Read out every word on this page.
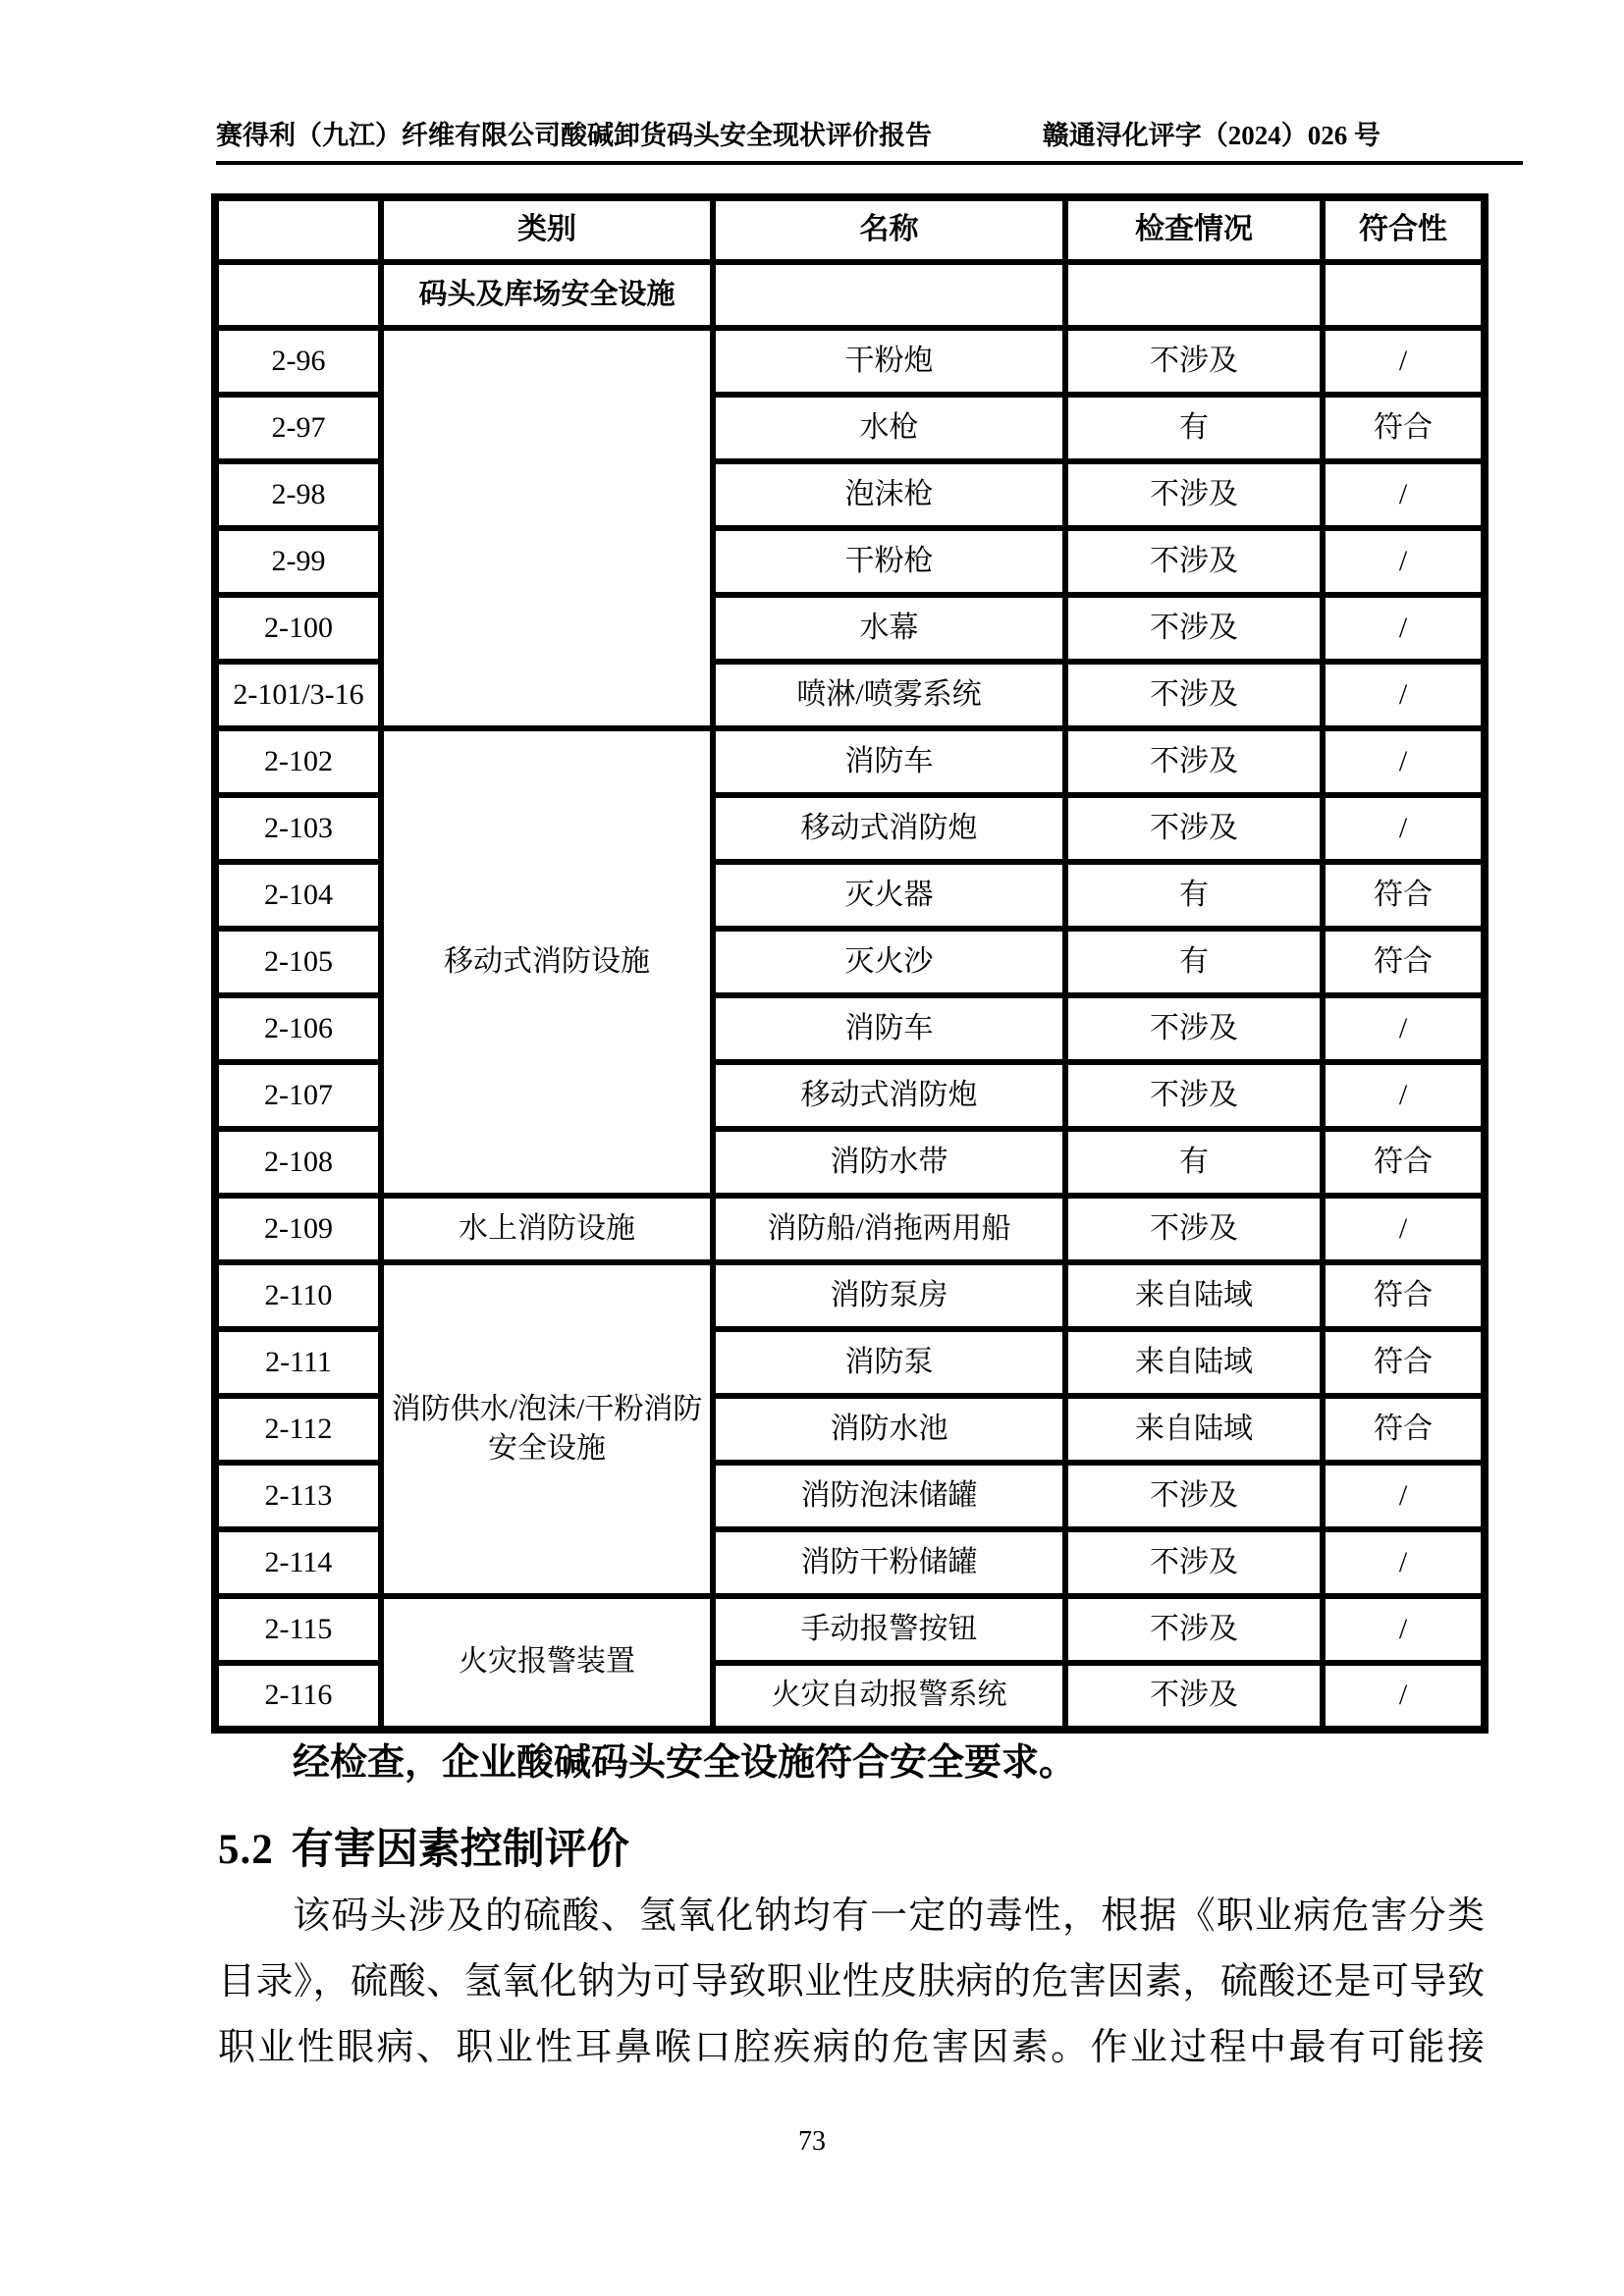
赛得利（九江）纤维有限公司酸碱卸货码头安全现状评价报告	赣通浔化评字（2024）026 号
	类别	名称	检查情况	符合性
	码头及库场安全设施			
2-96		干粉炮	不涉及	/
2-97		水枪	有	符合
2-98		泡沫枪	不涉及	/
2-99		干粉枪	不涉及	/
2-100		水幕	不涉及	/
2-101/3-16		喷淋/喷雾系统	不涉及	/
2-102	移动式消防设施	消防车	不涉及	/
2-103		移动式消防炮	不涉及	/
2-104		灭火器	有	符合
2-105		灭火沙	有	符合
2-106		消防车	不涉及	/
2-107		移动式消防炮	不涉及	/
2-108		消防水带	有	符合
2-109	水上消防设施	消防船/消拖两用船	不涉及	/
2-110	消防供水/泡沫/干粉消防安全设施	消防泵房	来自陆域	符合
2-111		消防泵	来自陆域	符合
2-112		消防水池	来自陆域	符合
2-113		消防泡沫储罐	不涉及	/
2-114		消防干粉储罐	不涉及	/
2-115	火灾报警装置	手动报警按钮	不涉及	/
2-116		火灾自动报警系统	不涉及	/
经检查，企业酸碱码头安全设施符合安全要求。
5.2 有害因素控制评价
该码头涉及的硫酸、氢氧化钠均有一定的毒性，根据《职业病危害分类目录》，硫酸、氢氧化钠为可导致职业性皮肤病的危害因素，硫酸还是可导致职业性眼病、职业性耳鼻喉口腔疾病的危害因素。作业过程中最有可能接
73
